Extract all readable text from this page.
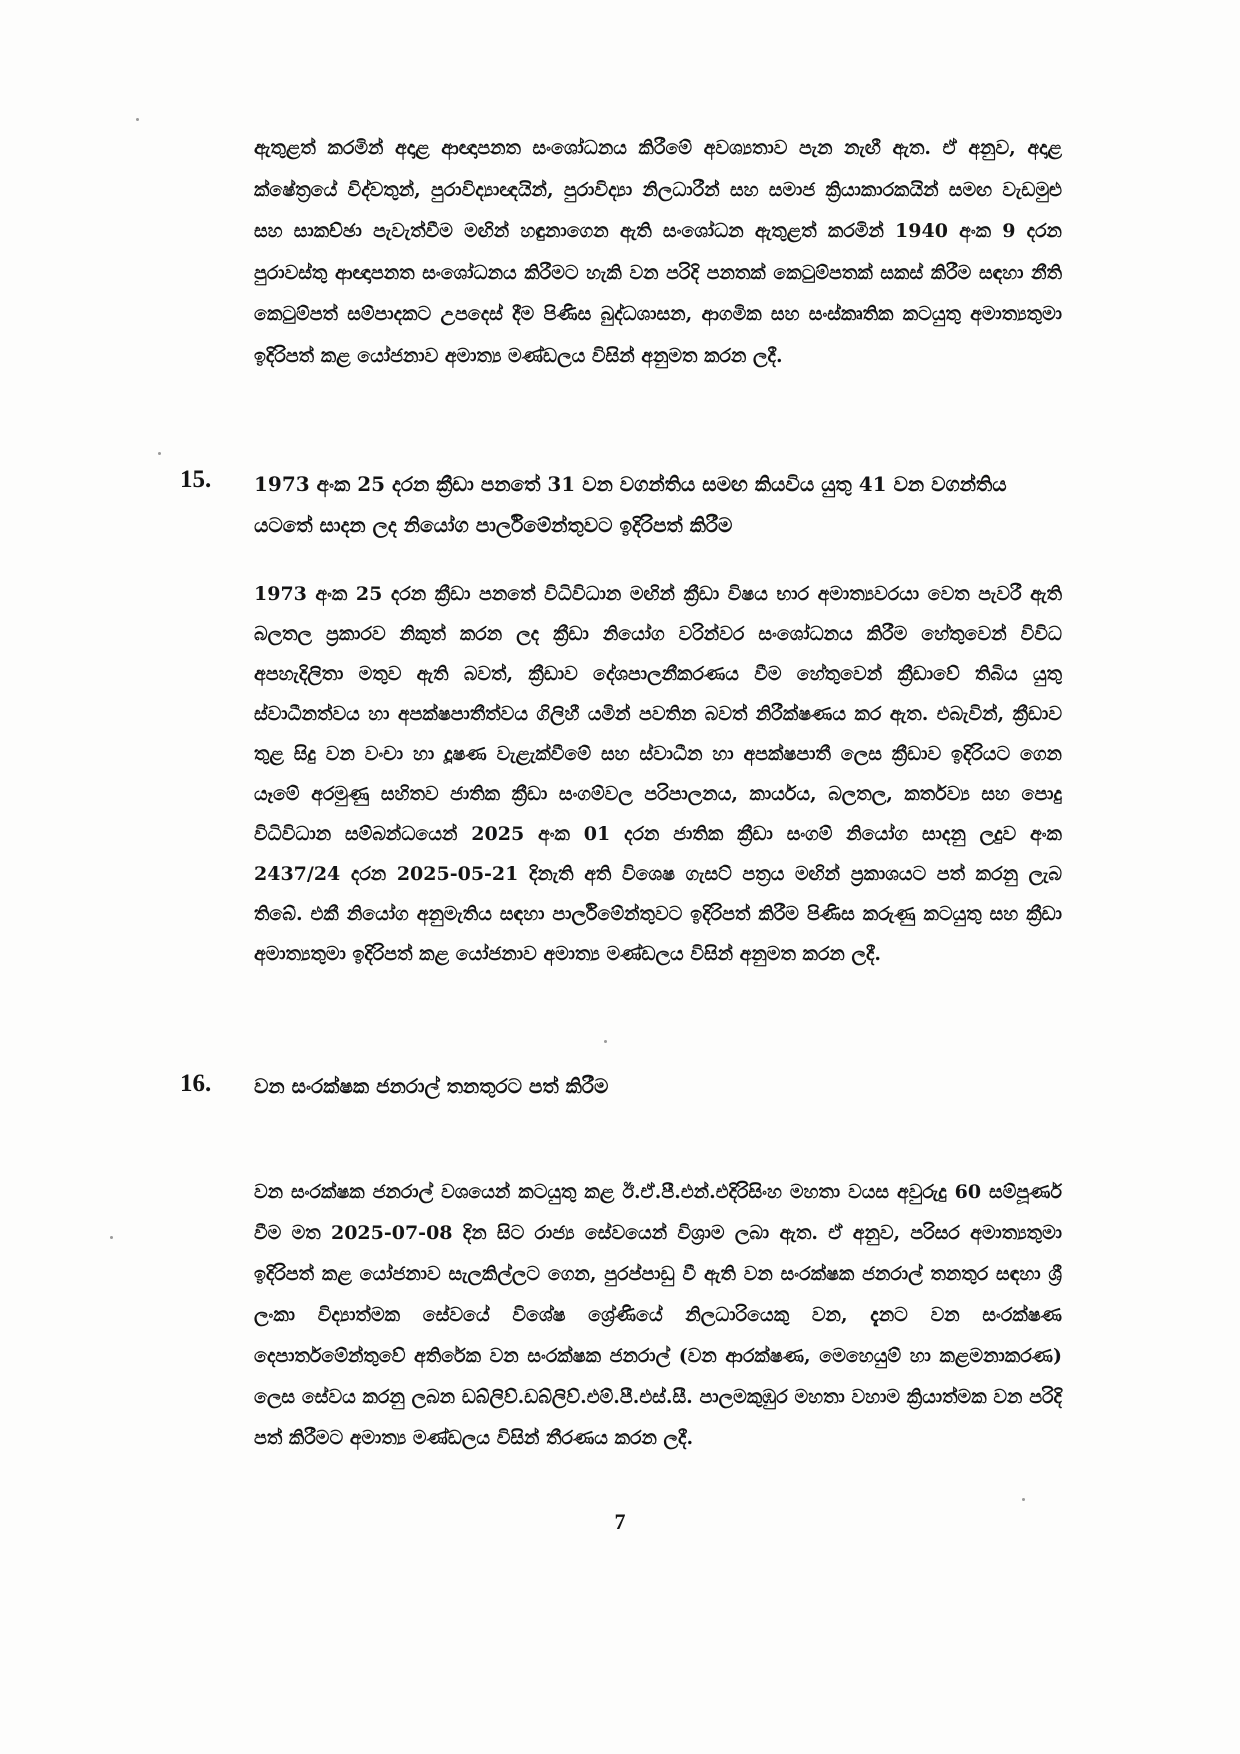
ඇතුළත් කරමින් අදාළ ආඥාපනත සංශෝධනය කිරීමේ අවශ්‍යතාව පැන නැඟී ඇත. ඒ අනුව, අදාළ ක්ෂේත්‍රයේ විද්වතුන්, පුරාවිද්‍යාඥයින්, පුරාවිද්‍යා නිලධාරීන් සහ සමාජ ක්‍රියාකාරකයින් සමඟ වැඩමුළු සහ සාකච්ඡා පැවැත්වීම මඟින් හඳුනාගෙන ඇති සංශෝධන ඇතුළත් කරමින් 1940 අංක 9 දරන පුරාවස්තු ආඥාපනත සංශෝධනය කිරීමට හැකි වන පරිදි පනතක් කෙටුම්පතක් සකස් කිරීම සඳහා නීති කෙටුම්පත් සම්පාදකට උපදෙස් දීම පිණිස බුද්ධශාසන, ආගමික සහ සංස්කෘතික කටයුතු අමාත්‍යතුමා ඉදිරිපත් කළ යෝජනාව අමාත්‍ය මණ්ඩලය විසින් අනුමත කරන ලදී.
15. 1973 අංක 25 දරන ක්‍රීඩා පනතේ 31 වන වගන්තිය සමඟ කියවිය යුතු 41 වන වගන්තිය යටතේ සාදන ලද නියෝග පාර්ලිමේන්තුවට ඉදිරිපත් කිරීම
1973 අංක 25 දරන ක්‍රීඩා පනතේ විධිවිධාන මඟින් ක්‍රීඩා විෂය භාර අමාත්‍යවරයා වෙත පැවරී ඇති බලතල ප්‍රකාරව නිකුත් කරන ලද ක්‍රීඩා නියෝග වරින්වර සංශෝධනය කිරීම හේතුවෙන් විවිධ අපහැදිලිතා මතුව ඇති බවත්, ක්‍රීඩාව දේශපාලනීකරණය වීම හේතුවෙන් ක්‍රීඩාවේ තිබිය යුතු ස්වාධීනත්වය හා අපක්ෂපාතීත්වය ගිලිහී යමින් පවතින බවත් නිරීක්ෂණය කර ඇත. එබැවින්, ක්‍රීඩාව තුළ සිදු වන වංචා හා දූෂණ වැළැක්වීමේ සහ ස්වාධීන හා අපක්ෂපාතී ලෙස ක්‍රීඩාව ඉදිරියට ගෙන යෑමේ අරමුණු සහිතව ජාතික ක්‍රීඩා සංගම්වල පරිපාලනය, කාර්යය, බලතල, කර්තව්‍ය සහ පොදු විධිවිධාන සම්බන්ධයෙන් 2025 අංක 01 දරන ජාතික ක්‍රීඩා සංගම් නියෝග සාදනු ලදුව අංක 2437/24 දරන 2025-05-21 දිනැති අති විශෙෂ ගැසට් පත්‍රය මඟින් ප්‍රකාශයට පත් කරනු ලැබ තිබේ. එකී නියෝග අනුමැතිය සඳහා පාර්ලිමේන්තුවට ඉදිරිපත් කිරීම පිණිස කරුණු කටයුතු සහ ක්‍රීඩා අමාත්‍යතුමා ඉදිරිපත් කළ යෝජනාව අමාත්‍ය මණ්ඩලය විසින් අනුමත කරන ලදී.
16. වන සංරක්ෂක ජනරාල් තනතුරට පත් කිරීම
වන සංරක්ෂක ජනරාල් වශයෙන් කටයුතු කළ ඊ.ඒ.පී.එන්.එදිරිසිංහ මහතා වයස අවුරුදු 60 සම්පූර්ණ වීම මත 2025-07-08 දින සිට රාජ්‍ය සේවයෙන් විශ්‍රාම ලබා ඇත. ඒ අනුව, පරිසර අමාත්‍යතුමා ඉදිරිපත් කළ යෝජනාව සැලකිල්ලට ගෙන, පුරප්පාඩු වී ඇති වන සංරක්ෂක ජනරාල් තනතුර සඳහා ශ්‍රී ලංකා විද්‍යාත්මක සේවයේ විශේෂ ශ්‍රේණියේ නිලධාරියෙකු වන, දැනට වන සංරක්ෂණ දෙපාර්තමේන්තුවේ අතිරේක වන සංරක්ෂක ජනරාල් (වන ආරක්ෂණ, මෙහෙයුම් හා කළමනාකරණ) ලෙස සේවය කරනු ලබන ඩබ්ලිව්.ඩබ්ලිව්.එම්.පී.එස්.සී. පාලමකුඹුර මහතා වහාම ක්‍රියාත්මක වන පරිදි පත් කිරීමට අමාත්‍ය මණ්ඩලය විසින් තීරණය කරන ලදී.
7
